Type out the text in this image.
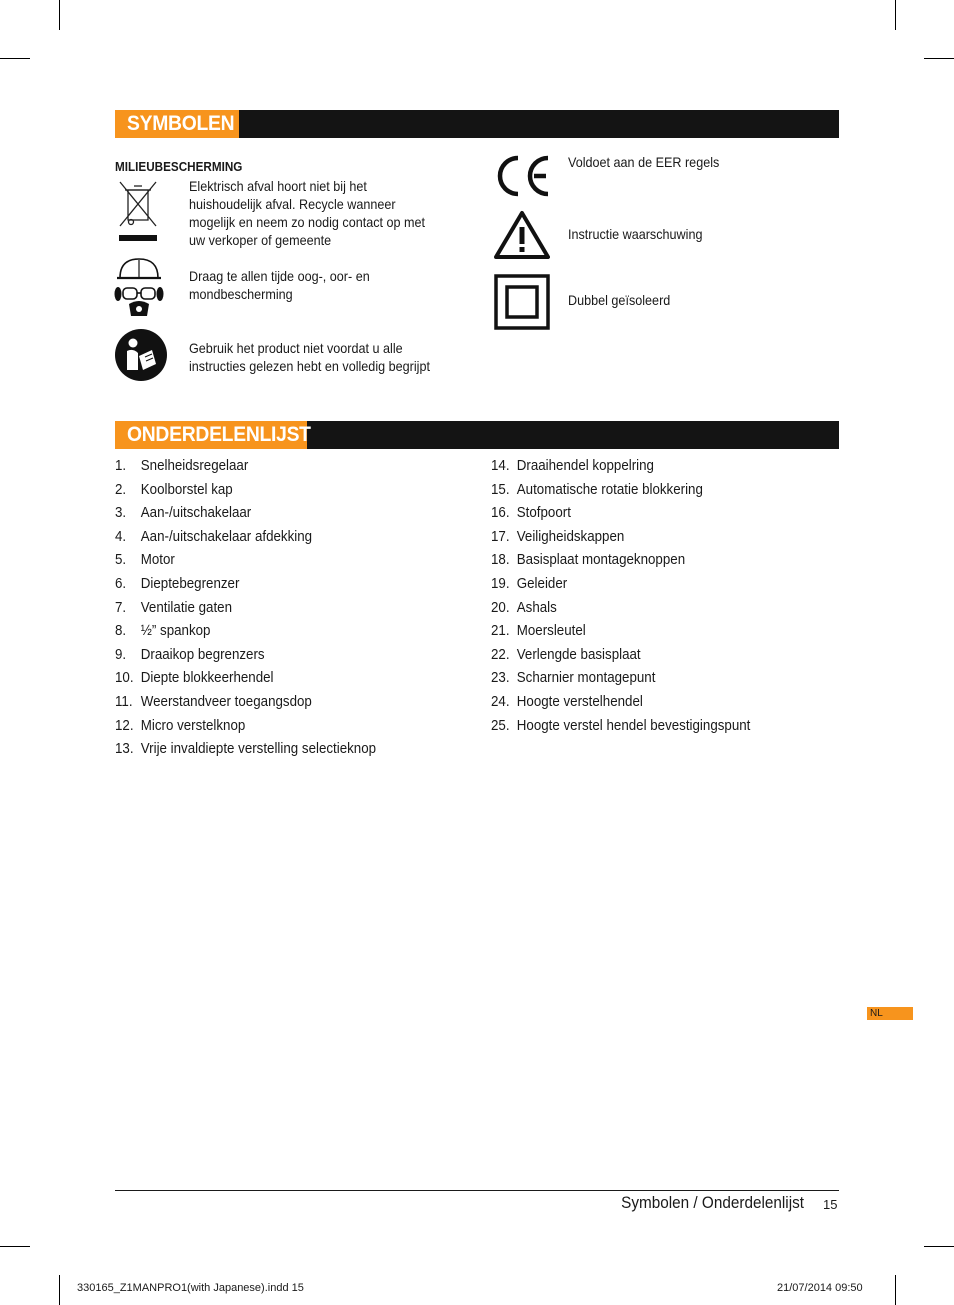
SYMBOLEN
MILIEUBESCHERMING
Elektrisch afval hoort niet bij het huishoudelijk afval. Recycle wanneer mogelijk en neem zo nodig contact op met uw verkoper of gemeente
Draag te allen tijde oog-, oor- en mondbescherming
Gebruik het product niet voordat u alle instructies gelezen hebt en volledig begrijpt
Voldoet aan de EER regels
Instructie waarschuwing
Dubbel geïsoleerd
ONDERDELENLIJST
1. Snelheidsregelaar
2. Koolborstel kap
3. Aan-/uitschakelaar
4. Aan-/uitschakelaar afdekking
5. Motor
6. Dieptebegrenzer
7. Ventilatie gaten
8. ½” spankop
9. Draaikop begrenzers
10. Diepte blokkeerhendel
11. Weerstandveer toegangsdop
12. Micro verstelknop
13. Vrije invaldiepte verstelling selectieknop
14. Draaihendel koppelring
15. Automatische rotatie blokkering
16. Stofpoort
17. Veiligheidskappen
18. Basisplaat montageknoppen
19. Geleider
20. Ashals
21. Moersleutel
22. Verlengde basisplaat
23. Scharnier montagepunt
24. Hoogte verstelhendel
25. Hoogte verstel hendel bevestigingspunt
NL
Symbolen / Onderdelenlijst 15
330165_Z1MANPRO1(with Japanese).indd 15	21/07/2014 09:50
